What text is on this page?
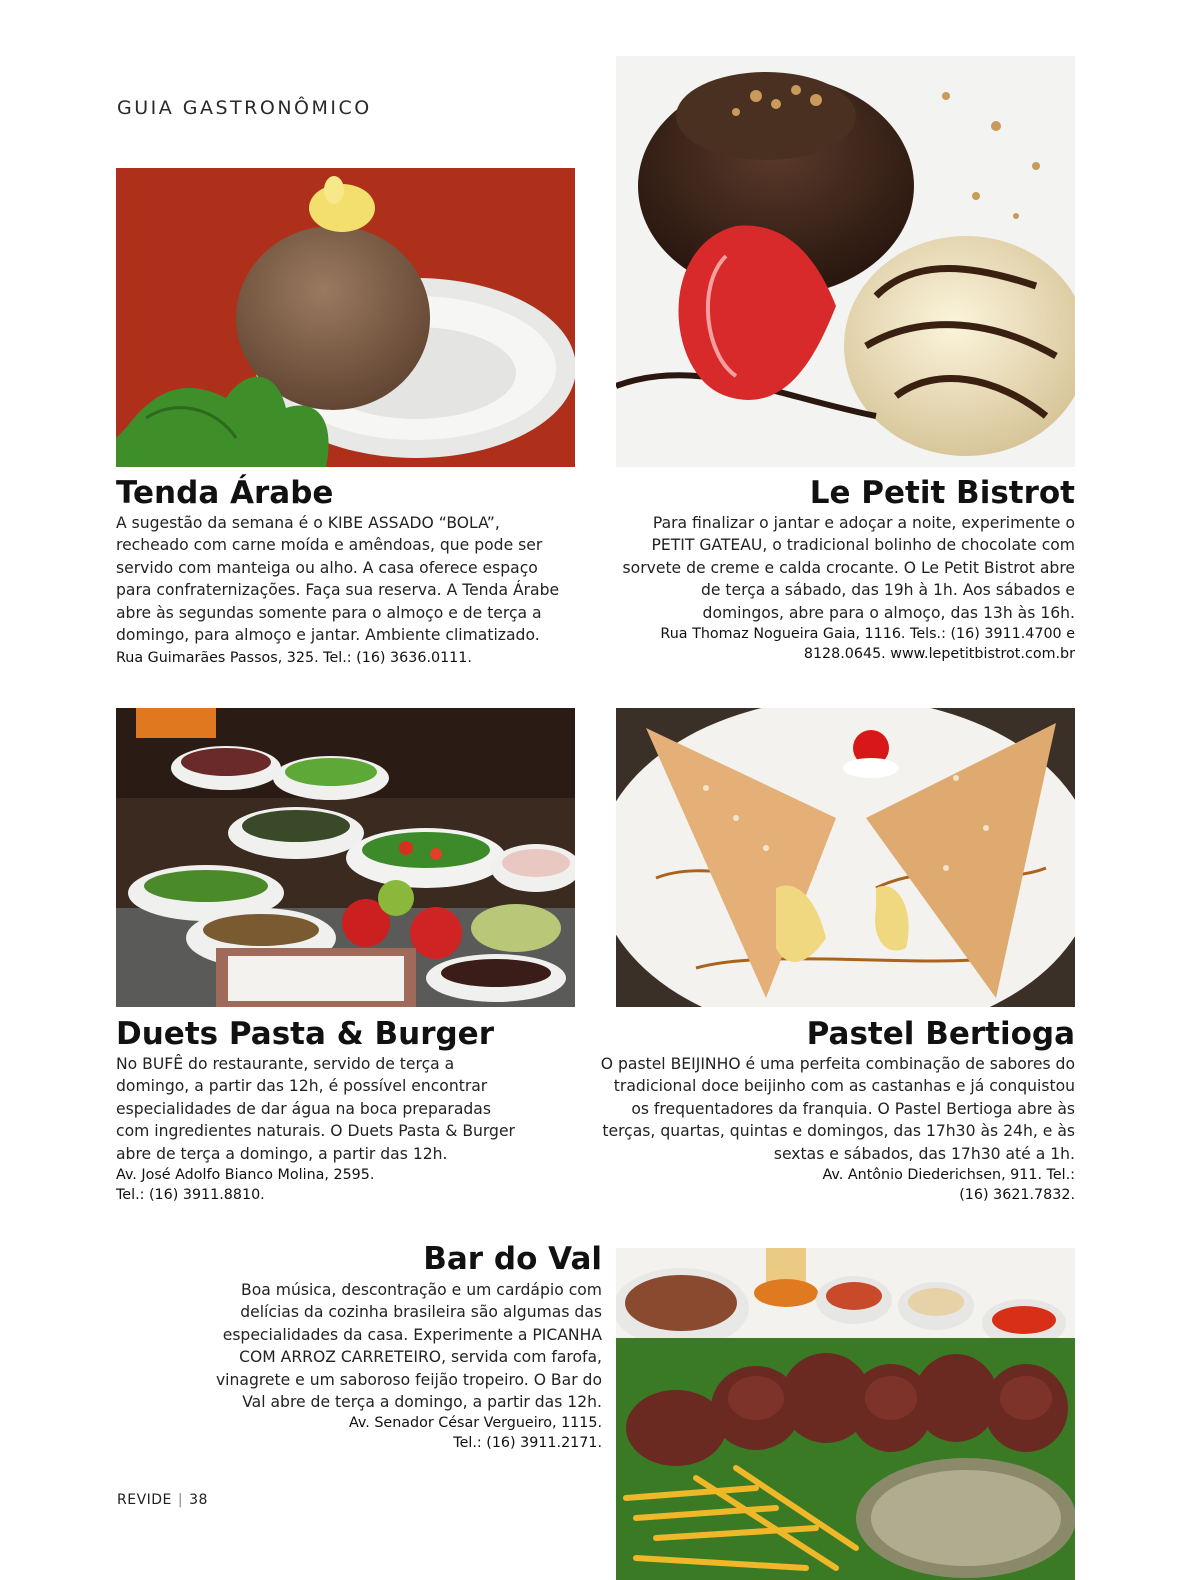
GUIA GASTRONÔMICO
Tenda Árabe
A sugestão da semana é o KIBE ASSADO “BOLA”, recheado com carne moída e amêndoas, que pode ser servido com manteiga ou alho. A casa oferece espaço para confraternizações. Faça sua reserva. A Tenda Árabe abre às segundas somente para o almoço e de terça a domingo, para almoço e jantar. Ambiente climatizado.
Rua Guimarães Passos, 325. Tel.: (16) 3636.0111.
Le Petit Bistrot
Para finalizar o jantar e adoçar a noite, experimente o PETIT GATEAU, o tradicional bolinho de chocolate com sorvete de creme e calda crocante. O Le Petit Bistrot abre de terça a sábado, das 19h à 1h. Aos sábados e domingos, abre para o almoço, das 13h às 16h.
Rua Thomaz Nogueira Gaia, 1116. Tels.: (16) 3911.4700 e 8128.0645. www.lepetitbistrot.com.br
Duets Pasta & Burger
No BUFÊ do restaurante, servido de terça a domingo, a partir das 12h, é possível encontrar especialidades de dar água na boca preparadas com ingredientes naturais. O Duets Pasta & Burger abre de terça a domingo, a partir das 12h.
Av. José Adolfo Bianco Molina, 2595. Tel.: (16) 3911.8810.
Pastel Bertioga
O pastel BEIJINHO é uma perfeita combinação de sabores do tradicional doce beijinho com as castanhas e já conquistou os frequentadores da franquia. O Pastel Bertioga abre às terças, quartas, quintas e domingos, das 17h30 às 24h, e às sextas e sábados, das 17h30 até a 1h.
Av. Antônio Diederichsen, 911. Tel.: (16) 3621.7832.
Bar do Val
Boa música, descontração e um cardápio com delícias da cozinha brasileira são algumas das especialidades da casa. Experimente a PICANHA COM ARROZ CARRETEIRO, servida com farofa, vinagrete e um saboroso feijão tropeiro. O Bar do Val abre de terça a domingo, a partir das 12h.
Av. Senador César Vergueiro, 1115. Tel.: (16) 3911.2171.
REVIDE | 38
